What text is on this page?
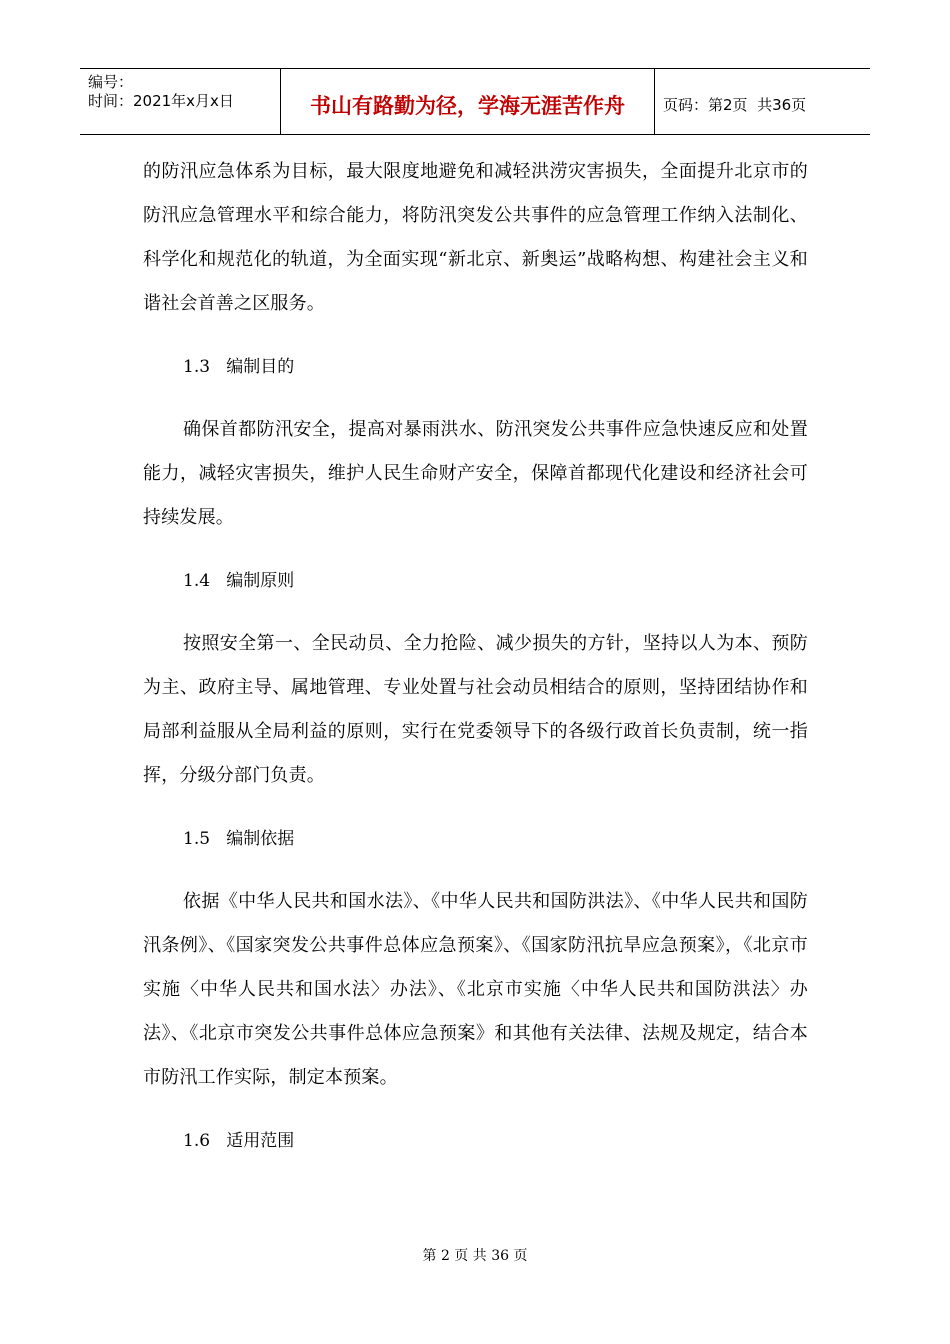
编号：
时间：2021年x月x日	书山有路勤为径，学海无涯苦作舟	页码：第2页  共36页

的防汛应急体系为目标，最大限度地避免和减轻洪涝灾害损失，全面提升北京市的防汛应急管理水平和综合能力，将防汛突发公共事件的应急管理工作纳入法制化、科学化和规范化的轨道，为全面实现“新北京、新奥运”战略构想、构建社会主义和谐社会首善之区服务。

1.3   编制目的

确保首都防汛安全，提高对暴雨洪水、防汛突发公共事件应急快速反应和处置能力，减轻灾害损失，维护人民生命财产安全，保障首都现代化建设和经济社会可持续发展。

1.4   编制原则

按照安全第一、全民动员、全力抢险、减少损失的方针，坚持以人为本、预防为主、政府主导、属地管理、专业处置与社会动员相结合的原则，坚持团结协作和局部利益服从全局利益的原则，实行在党委领导下的各级行政首长负责制，统一指挥，分级分部门负责。

1.5   编制依据

依据《中华人民共和国水法》、《中华人民共和国防洪法》、《中华人民共和国防汛条例》、《国家突发公共事件总体应急预案》、《国家防汛抗旱应急预案》，《北京市实施〈中华人民共和国水法〉办法》、《北京市实施〈中华人民共和国防洪法〉办法》、《北京市突发公共事件总体应急预案》和其他有关法律、法规及规定，结合本市防汛工作实际，制定本预案。

1.6   适用范围
第 2 页 共 36 页
